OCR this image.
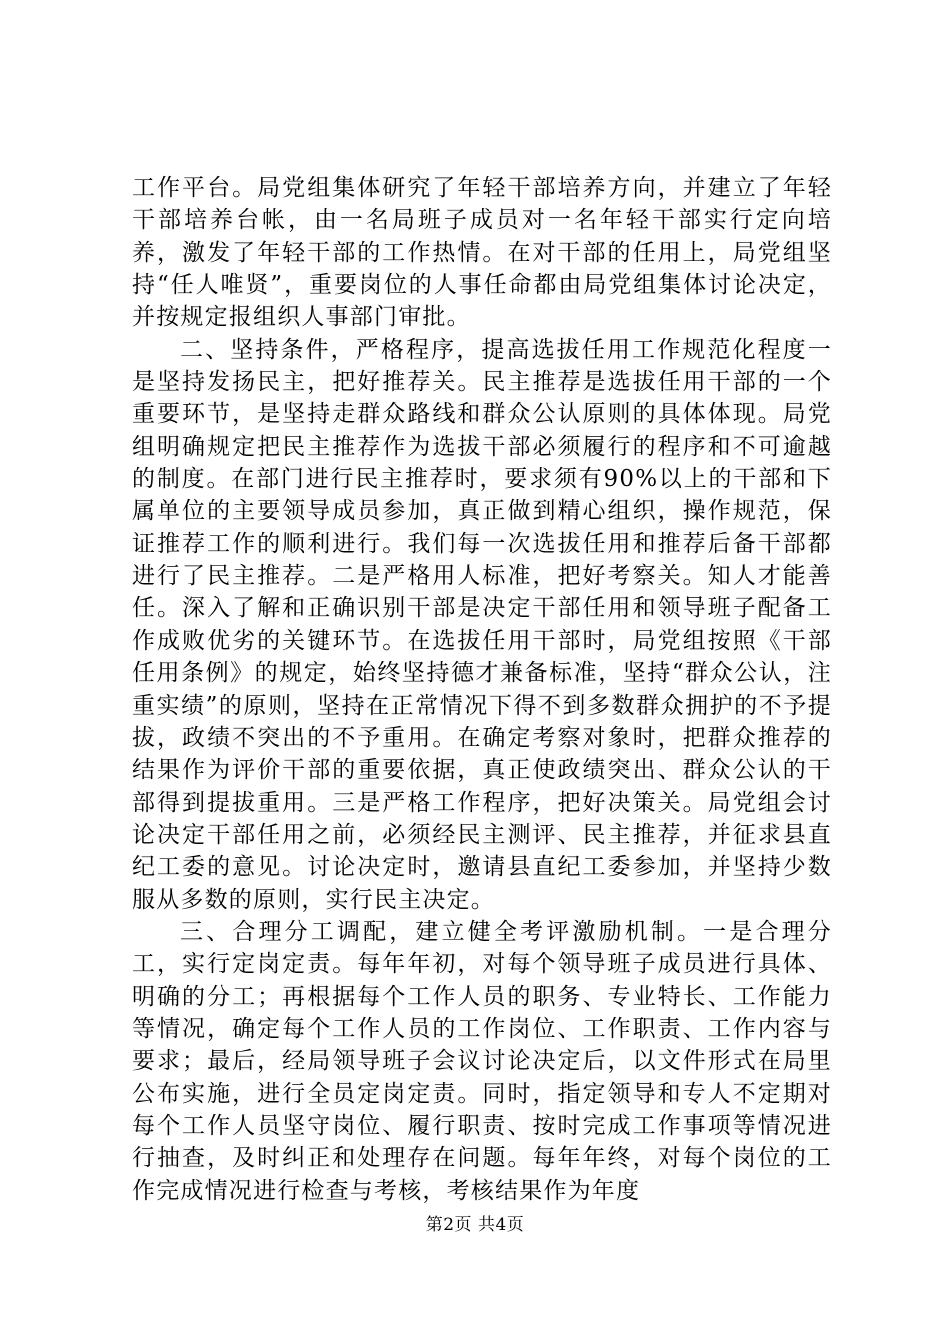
工作平台。局党组集体研究了年轻干部培养方向，并建立了年轻干部培养台帐，由一名局班子成员对一名年轻干部实行定向培养，激发了年轻干部的工作热情。在对干部的任用上，局党组坚持“任人唯贤”，重要岗位的人事任命都由局党组集体讨论决定，并按规定报组织人事部门审批。

二、坚持条件，严格程序，提高选拔任用工作规范化程度一是坚持发扬民主，把好推荐关。民主推荐是选拔任用干部的一个重要环节，是坚持走群众路线和群众公认原则的具体体现。局党组明确规定把民主推荐作为选拔干部必须履行的程序和不可逾越的制度。在部门进行民主推荐时，要求须有90%以上的干部和下属单位的主要领导成员参加，真正做到精心组织，操作规范，保证推荐工作的顺利进行。我们每一次选拔任用和推荐后备干部都进行了民主推荐。二是严格用人标准，把好考察关。知人才能善任。深入了解和正确识别干部是决定干部任用和领导班子配备工作成败优劣的关键环节。在选拔任用干部时，局党组按照《干部任用条例》的规定，始终坚持德才兼备标准，坚持“群众公认，注重实绩”的原则，坚持在正常情况下得不到多数群众拥护的不予提拔，政绩不突出的不予重用。在确定考察对象时，把群众推荐的结果作为评价干部的重要依据，真正使政绩突出、群众公认的干部得到提拔重用。三是严格工作程序，把好决策关。局党组会讨论决定干部任用之前，必须经民主测评、民主推荐，并征求县直纪工委的意见。讨论决定时，邀请县直纪工委参加，并坚持少数服从多数的原则，实行民主决定。

三、合理分工调配，建立健全考评激励机制。一是合理分工，实行定岗定责。每年年初，对每个领导班子成员进行具体、明确的分工；再根据每个工作人员的职务、专业特长、工作能力等情况，确定每个工作人员的工作岗位、工作职责、工作内容与要求；最后，经局领导班子会议讨论决定后，以文件形式在局里公布实施，进行全员定岗定责。同时，指定领导和专人不定期对每个工作人员坚守岗位、履行职责、按时完成工作事项等情况进行抽查，及时纠正和处理存在问题。每年年终，对每个岗位的工作完成情况进行检查与考核，考核结果作为年度

第2页 共4页
